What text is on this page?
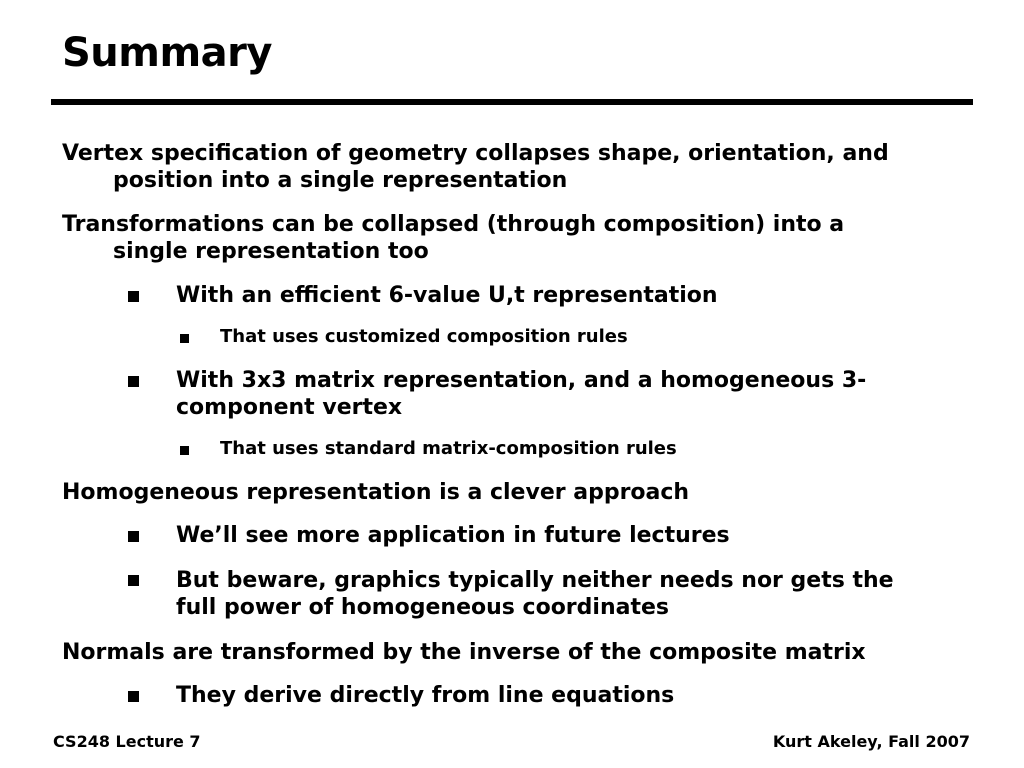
Summary
Vertex specification of geometry collapses shape, orientation, and
position into a single representation
Transformations can be collapsed (through composition) into a
single representation too
With an efficient 6-value U,t representation
That uses customized composition rules
With 3x3 matrix representation, and a homogeneous 3-
component vertex
That uses standard matrix-composition rules
Homogeneous representation is a clever approach
We’ll see more application in future lectures
But beware, graphics typically neither needs nor gets the
full power of homogeneous coordinates
Normals are transformed by the inverse of the composite matrix
They derive directly from line equations
CS248 Lecture 7	Kurt Akeley, Fall 2007
